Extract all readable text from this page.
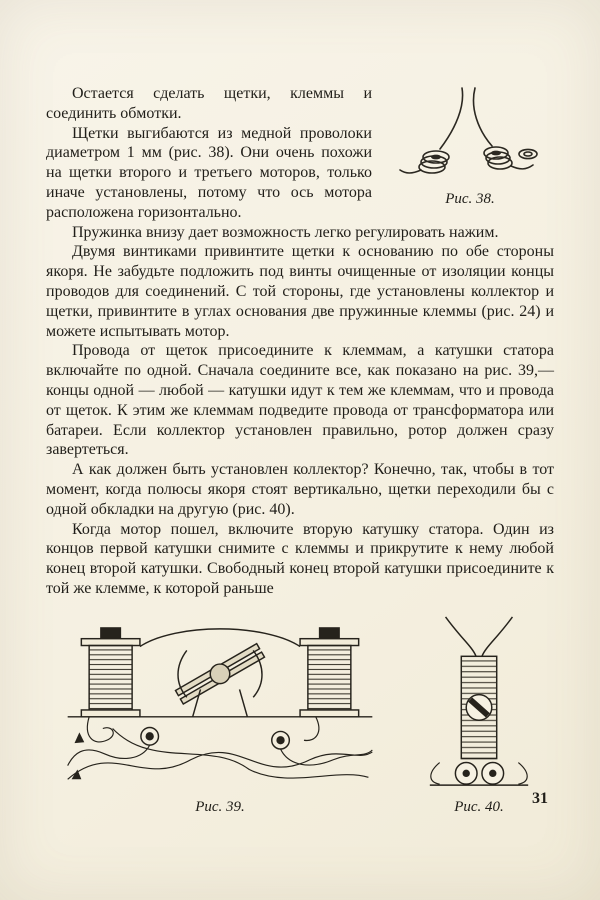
Рис. 38.

Остается сделать щетки, клеммы и соединить обмотки.

Щетки выгибаются из медной проволоки диаметром 1 мм (рис. 38). Они очень похожи на щетки второго и третьего моторов, только иначе установлены, потому что ось мотора расположена горизонтально.

Пружинка внизу дает возможность легко регулировать нажим.

Двумя винтиками привинтите щетки к основанию по обе стороны якоря. Не забудьте подложить под винты очищенные от изоляции концы проводов для соединений. С той стороны, где установлены коллектор и щетки, привинтите в углах основания две пружинные клеммы (рис. 24) и можете испытывать мотор.

Провода от щеток присоедините к клеммам, а катушки статора включайте по одной. Сначала соедините все, как показано на рис. 39,— концы одной — любой — катушки идут к тем же клеммам, что и провода от щеток. К этим же клеммам подведите провода от трансформатора или батареи. Если коллектор установлен правильно, ротор должен сразу завертеться.

А как должен быть установлен коллектор? Конечно, так, чтобы в тот момент, когда полюсы якоря стоят вертикально, щетки переходили бы с одной обкладки на другую (рис. 40).

Когда мотор пошел, включите вторую катушку статора. Один из концов первой катушки снимите с клеммы и прикрутите к нему любой конец второй катушки. Свободный конец второй катушки присоедините к той же клемме, к которой раньше

Рис. 39.	Рис. 40.	31
